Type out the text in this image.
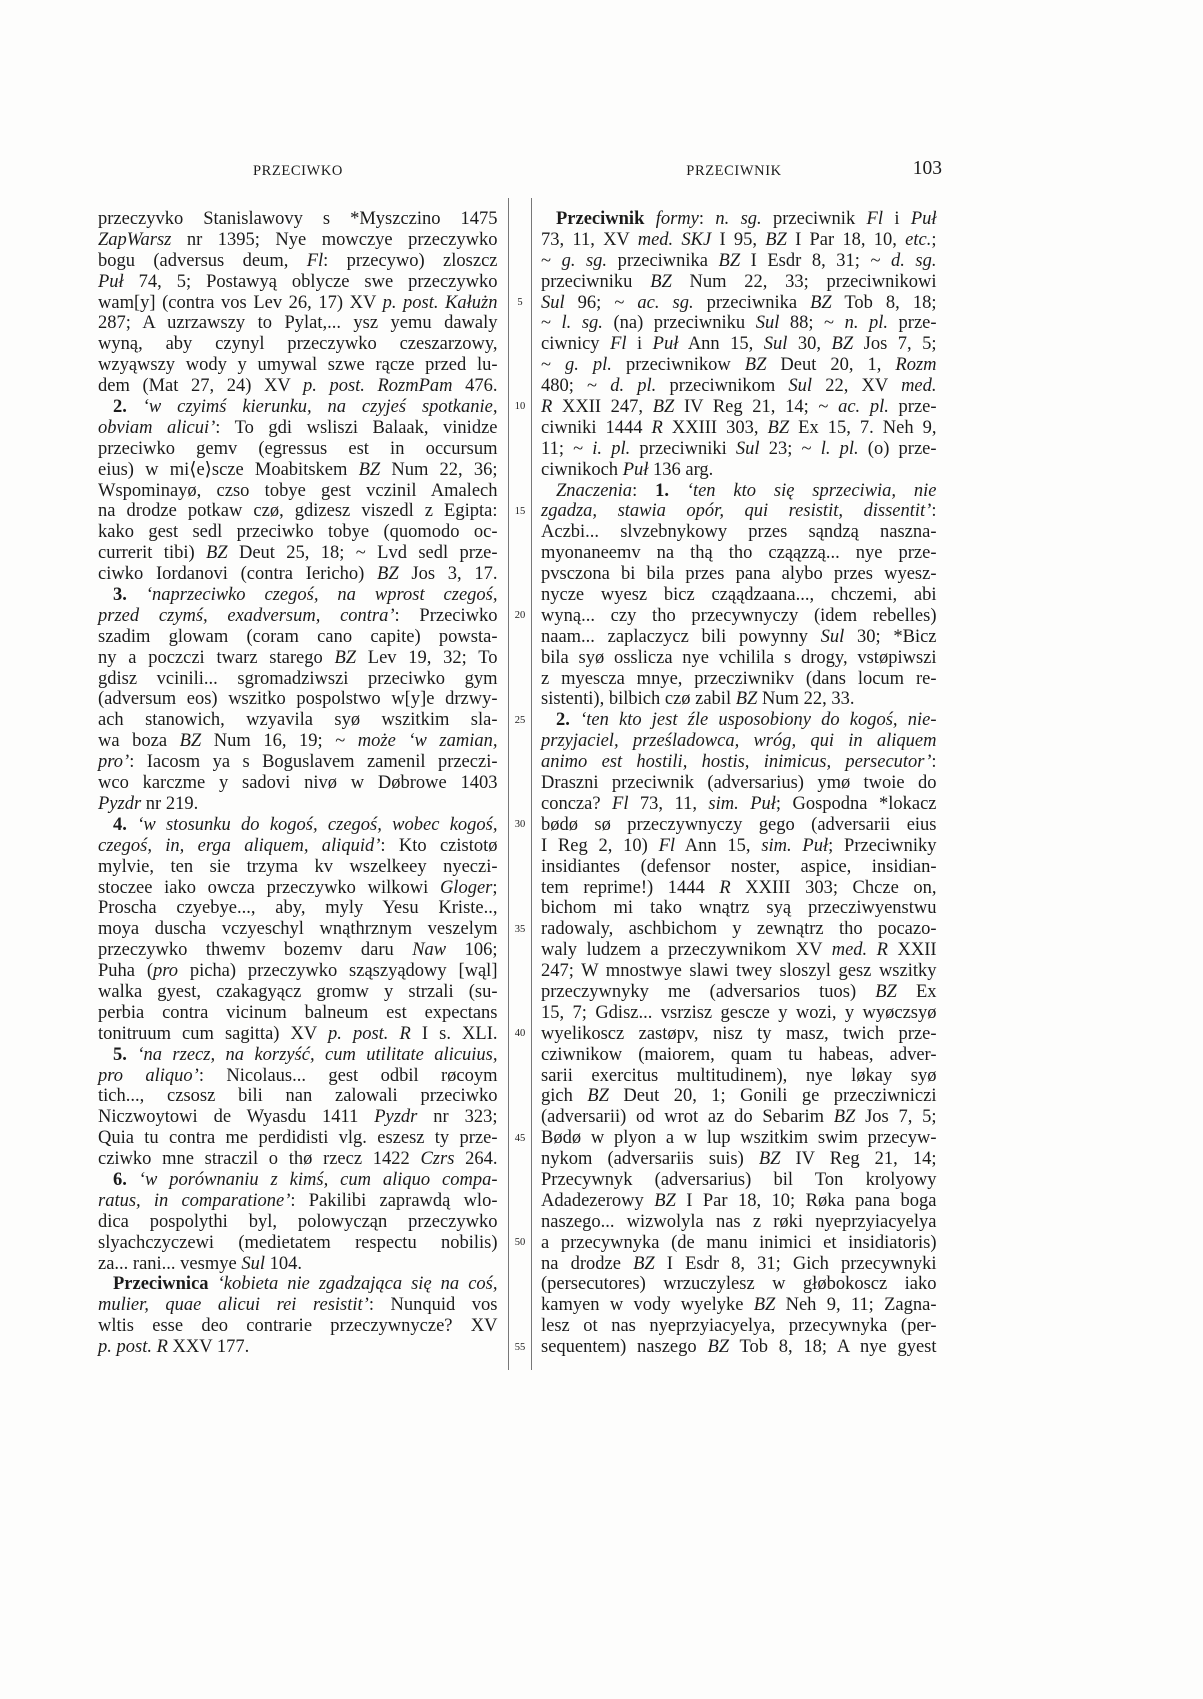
PRZECIWKO	PRZECIWNIK	103
przeczyvko Stanislawovy s *Myszczino 1475
ZapWarsz nr 1395; Nye mowczye przeczywko
bogu (adversus deum, Fl: przecywo) zloszcz
Puł 74, 5; Postawyą oblycze swe przeczywko
wam[y] (contra vos Lev 26, 17) XV p. post. Kałużn
287; A uzrzawszy to Pylat,... ysz yemu dawaly
wyną, aby czynyl przeczywko czeszarzowy,
wzyąwszy wody y umywal szwe rącze przed lu-
dem (Mat 27, 24) XV p. post. RozmPam 476.
2. ‘w czyimś kierunku, na czyjeś spotkanie,
obviam alicui’: To gdi wsliszi Balaak, vinidze
przeciwko gemv (egressus est in occursum
eius) w mi⟨e⟩scze Moabitskem BZ Num 22, 36;
Wspominayø, czso tobye gest vczinil Amalech
na drodze potkaw czø, gdizesz viszedl z Egipta:
kako gest sedl przeciwko tobye (quomodo oc-
currerit tibi) BZ Deut 25, 18; ~ Lvd sedl prze-
ciwko Iordanovi (contra Iericho) BZ Jos 3, 17.
3. ‘naprzeciwko czegoś, na wprost czegoś,
przed czymś, exadversum, contra’: Przeciwko
szadim glowam (coram cano capite) powsta-
ny a poczczi twarz starego BZ Lev 19, 32; To
gdisz vcinili... sgromadziwszi przeciwko gym
(adversum eos) wszitko pospolstwo w[y]e drzwy-
ach stanowich, wzyavila syø wszitkim sla-
wa boza BZ Num 16, 19; ~ może ‘w zamian,
pro’: Iacosm ya s Boguslavem zamenil przeczi-
wco karczme y sadovi nivø w Døbrowe 1403
Pyzdr nr 219.
4. ‘w stosunku do kogoś, czegoś, wobec kogoś,
czegoś, in, erga aliquem, aliquid’: Kto czistotø
mylvie, ten sie trzyma kv wszelkeey nyeczi-
stoczee iako owcza przeczywko wilkowi Gloger;
Proscha czyebye..., aby, myly Yesu Kriste..,
moya duscha vczyeschyl wnąthrznym veszelym
przeczywko thwemv bozemv daru Naw 106;
Puha (pro picha) przeczywko sząszyądowy [wąl]
walka gyest, czakagyącz gromw y strzali (su-
perbia contra vicinum balneum est expectans
tonitruum cum sagitta) XV p. post. R I s. XLI.
5. ‘na rzecz, na korzyść, cum utilitate alicuius,
pro aliquo’: Nicolaus... gest odbil røcoym
tich..., czsosz bili nan zalowali przeciwko
Niczwoytowi de Wyasdu 1411 Pyzdr nr 323;
Quia tu contra me perdidisti vlg. eszesz ty prze-
cziwko mne straczil o thø rzecz 1422 Czrs 264.
6. ‘w porównaniu z kimś, cum aliquo compa-
ratus, in comparatione’: Pakilibi zaprawdą wlo-
dica pospolythi byl, polowycząn przeczywko
slyachczyczewi (medietatem respectu nobilis)
za... rani... vesmye Sul 104.
Przeciwnica ‘kobieta nie zgadzająca się na coś,
mulier, quae alicui rei resistit’: Nunquid vos
wltis esse deo contrarie przeczywnycze? XV
p. post. R XXV 177.
5
10
15
20
25
30
35
40
45
50
55
Przeciwnik formy: n. sg. przeciwnik Fl i Puł
73, 11, XV med. SKJ I 95, BZ I Par 18, 10, etc.;
~ g. sg. przeciwnika BZ I Esdr 8, 31; ~ d. sg.
przeciwniku BZ Num 22, 33; przeciwnikowi
Sul 96; ~ ac. sg. przeciwnika BZ Tob 8, 18;
~ l. sg. (na) przeciwniku Sul 88; ~ n. pl. prze-
ciwnicy Fl i Puł Ann 15, Sul 30, BZ Jos 7, 5;
~ g. pl. przeciwnikow BZ Deut 20, 1, Rozm
480; ~ d. pl. przeciwnikom Sul 22, XV med.
R XXII 247, BZ IV Reg 21, 14; ~ ac. pl. prze-
ciwniki 1444 R XXIII 303, BZ Ex 15, 7. Neh 9,
11; ~ i. pl. przeciwniki Sul 23; ~ l. pl. (o) prze-
ciwnikoch Puł 136 arg.
Znaczenia: 1. ‘ten kto się sprzeciwia, nie
zgadza, stawia opór, qui resistit, dissentit’:
Aczbi... slvzebnykowy przes sąndzą naszna-
myonaneemv na thą tho cząązzą... nye prze-
pvsczona bi bila przes pana alybo przes wyesz-
nycze wyesz bicz cząądzaana..., chczemi, abi
wyną... czy tho przecywnyczy (idem rebelles)
naam... zaplaczycz bili powynny Sul 30; *Bicz
bila syø osslicza nye vchilila s drogy, vstøpiwszi
z myescza mnye, przecziwnikv (dans locum re-
sistenti), bilbich czø zabil BZ Num 22, 33.
2. ‘ten kto jest źle usposobiony do kogoś, nie-
przyjaciel, prześladowca, wróg, qui in aliquem
animo est hostili, hostis, inimicus, persecutor’:
Draszni przeciwnik (adversarius) ymø twoie do
concza? Fl 73, 11, sim. Puł; Gospodna *lokacz
bødø sø przeczywnyczy gego (adversarii eius
I Reg 2, 10) Fl Ann 15, sim. Puł; Przeciwniky
insidiantes (defensor noster, aspice, insidian-
tem reprime!) 1444 R XXIII 303; Chcze on,
bichom mi tako wnątrz syą przecziwyenstwu
radowaly, aschbichom y zewnątrz tho pocazo-
waly ludzem a przeczywnikom XV med. R XXII
247; W mnostwye slawi twey sloszyl gesz wszitky
przeczywnyky me (adversarios tuos) BZ Ex
15, 7; Gdisz... vsrzisz gescze y wozi, y wyøczsyø
wyelikoscz zastøpv, nisz ty masz, twich prze-
cziwnikow (maiorem, quam tu habeas, adver-
sarii exercitus multitudinem), nye løkay syø
gich BZ Deut 20, 1; Gonili ge przecziwniczi
(adversarii) od wrot az do Sebarim BZ Jos 7, 5;
Bødø w plyon a w lup wszitkim swim przecyw-
nykom (adversariis suis) BZ IV Reg 21, 14;
Przecywnyk (adversarius) bil Ton krolyowy
Adadezerowy BZ I Par 18, 10; Røka pana boga
naszego... wizwolyla nas z røki nyeprzyiacyelya
a przecywnyka (de manu inimici et insidiatoris)
na drodze BZ I Esdr 8, 31; Gich przecywnyki
(persecutores) wrzuczylesz w głøbokoscz iako
kamyen w vody wyelyke BZ Neh 9, 11; Zagna-
lesz ot nas nyeprzyiacyelya, przecywnyka (per-
sequentem) naszego BZ Tob 8, 18; A nye gyest
